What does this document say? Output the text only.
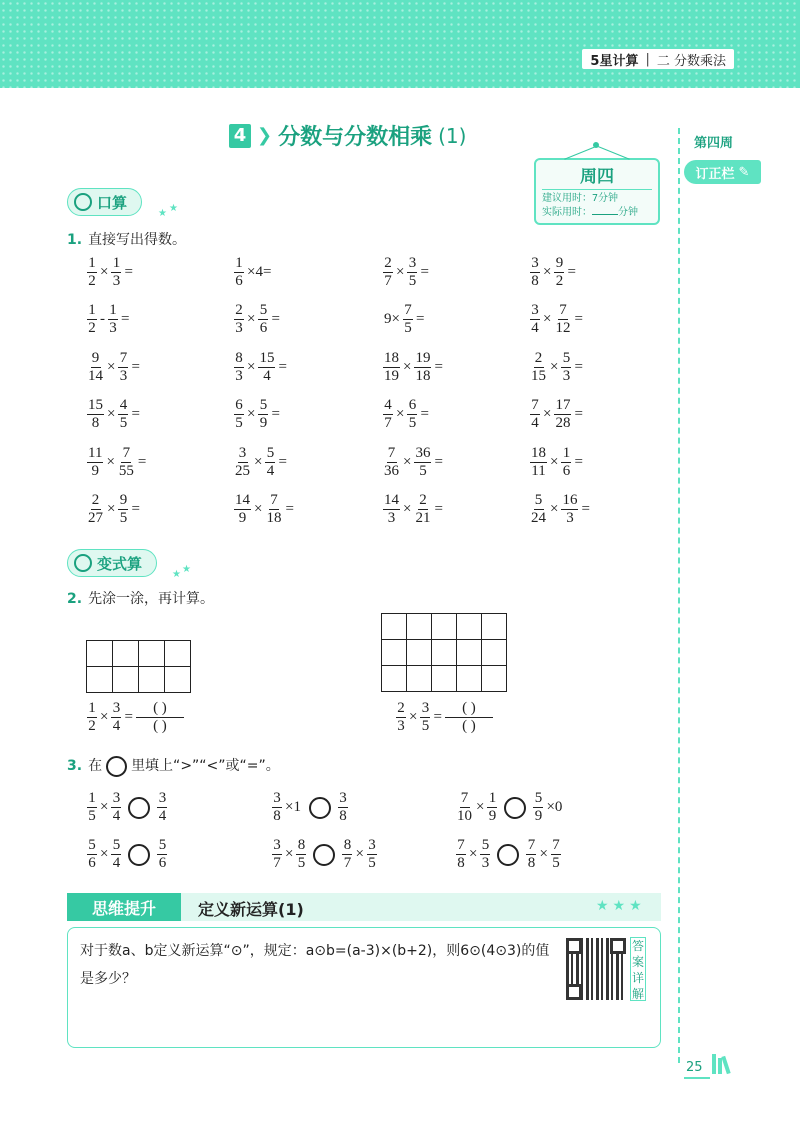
5星计算 | 二 分数乘法
第四周
订正栏 ✎
4 ❯ 分数与分数相乘 (1)
周四
建议用时：7分钟
实际用时：	分钟
口算
★ ★
1. 直接写出得数。
$\frac{1}{2} \times \frac{1}{3}$ =	$\frac{1}{6} \times 4=$	$\frac{2}{7} \times \frac{3}{5}$ =	$\frac{3}{8} \times \frac{9}{2}$ =
$\frac{1}{2} - \frac{1}{3}$ =	$\frac{2}{3} \times \frac{5}{6}$ =	$9\times \frac{7}{5}$ =	$\frac{3}{4} \times \frac{7}{12}$ =
$\frac{9}{14} \times \frac{7}{3}$ =	$\frac{8}{3} \times \frac{15}{4}$ =	$\frac{18}{19} \times \frac{19}{18}$ =	$\frac{2}{15} \times \frac{5}{3}$ =
$\frac{15}{8} \times \frac{4}{5}$ =	$\frac{6}{5} \times \frac{5}{9}$ =	$\frac{4}{7} \times \frac{6}{5}$ =	$\frac{7}{4} \times \frac{17}{28}$ =
$\frac{11}{9} \times \frac{7}{55}$ =	$\frac{3}{25} \times \frac{5}{4}$ =	$\frac{7}{36} \times \frac{36}{5}$ =	$\frac{18}{11} \times \frac{1}{6}$ =
$\frac{2}{27} \times \frac{9}{5}$ =	$\frac{14}{9} \times \frac{7}{18}$ =	$\frac{14}{3} \times \frac{2}{21}$ =	$\frac{5}{24} \times \frac{16}{3}$ =
变式算
★ ★
2. 先涂一涂，再计算。

$\frac{1}{2} \times \frac{3}{4} = \frac{( )}{( )}$	$\frac{2}{3} \times \frac{3}{5} = \frac{( )}{( )}$
3. 在 里填上“>”“<”或“=”。
$\frac{1}{5} \times \frac{3}{4} \frac{3}{4}$	$\frac{3}{8} \times 1 \frac{3}{8}$	$\frac{7}{10} \times \frac{1}{9} \frac{5}{9} \times 0$
$\frac{5}{6} \times \frac{5}{4} \frac{5}{6}$	$\frac{3}{7} \times \frac{8}{5} \frac{8}{7} \times \frac{3}{5}$	$\frac{7}{8} \times \frac{5}{3} \frac{7}{8} \times \frac{7}{5}$
思维提升	定义新运算(1)	★★★
对于数a、b定义新运算“⊙”，规定：a⊙b=(a-3)×(b+2)，则6⊙(4⊙3)的值是多少？
答案详解
25
